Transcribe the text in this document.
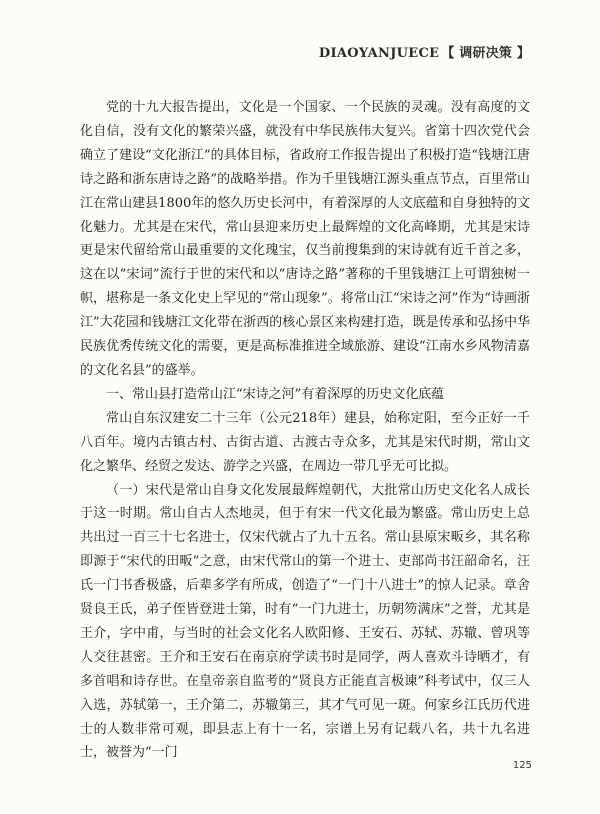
DIAOYANJUECE 【 调研决策 】

党的十九大报告提出，文化是一个国家、一个民族的灵魂。没有高度的文化自信，没有文化的繁荣兴盛，就没有中华民族伟大复兴。省第十四次党代会确立了建设“文化浙江”的具体目标，省政府工作报告提出了积极打造“钱塘江唐诗之路和浙东唐诗之路”的战略举措。作为千里钱塘江源头重点节点，百里常山江在常山建县1800年的悠久历史长河中，有着深厚的人文底蕴和自身独特的文化魅力。尤其是在宋代，常山县迎来历史上最辉煌的文化高峰期，尤其是宋诗更是宋代留给常山最重要的文化瑰宝，仅当前搜集到的宋诗就有近千首之多，这在以“宋词”流行于世的宋代和以“唐诗之路”著称的千里钱塘江上可谓独树一帜，堪称是一条文化史上罕见的“常山现象”。将常山江“宋诗之河”作为“诗画浙江”大花园和钱塘江文化带在浙西的核心景区来构建打造，既是传承和弘扬中华民族优秀传统文化的需要，更是高标准推进全域旅游、建设“江南水乡风物清嘉的文化名县”的盛举。

一、常山县打造常山江“宋诗之河”有着深厚的历史文化底蕴

常山自东汉建安二十三年（公元218年）建县，始称定阳，至今正好一千八百年。境内古镇古村、古街古道、古渡古寺众多，尤其是宋代时期，常山文化之繁华、经贸之发达、游学之兴盛，在周边一带几乎无可比拟。

（一）宋代是常山自身文化发展最辉煌朝代，大批常山历史文化名人成长于这一时期。常山自古人杰地灵，但于有宋一代文化最为繁盛。常山历史上总共出过一百三十七名进士，仅宋代就占了九十五名。常山县原宋畈乡，其名称即源于“宋代的田畈”之意，由宋代常山的第一个进士、吏部尚书汪韶命名，汪氏一门书香极盛，后辈多学有所成，创造了“一门十八进士”的惊人记录。章舍贤良王氏，弟子侄皆登进士第，时有“一门九进士，历朝笏满床”之誉，尤其是王介，字中甫，与当时的社会文化名人欧阳修、王安石、苏轼、苏辙、曾巩等人交往甚密。王介和王安石在南京府学读书时是同学，两人喜欢斗诗晒才，有多首唱和诗存世。在皇帝亲自监考的“贤良方正能直言极谏”科考试中，仅三人入选，苏轼第一，王介第二，苏辙第三，其才气可见一斑。何家乡江氏历代进士的人数非常可观，即县志上有十一名，宗谱上另有记载八名，共十九名进士，被誉为“一门

125
